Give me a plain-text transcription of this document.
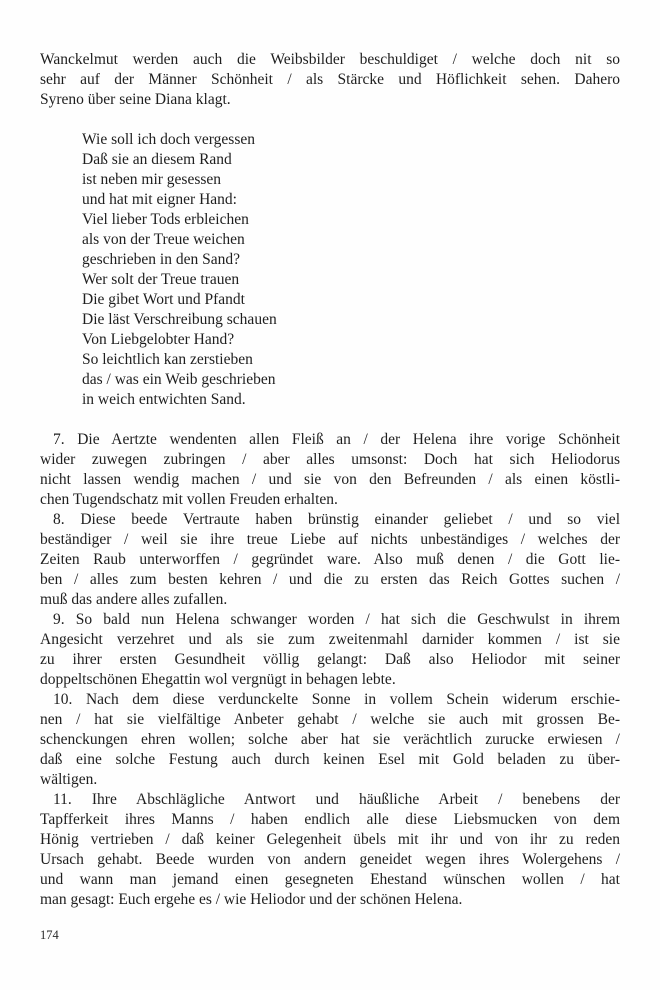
Wanckelmut werden auch die Weibsbilder beschuldiget / welche doch nit so
sehr auf der Männer Schönheit / als Stärcke und Höflichkeit sehen. Dahero
Syreno über seine Diana klagt.
Wie soll ich doch vergessen
Daß sie an diesem Rand
ist neben mir gesessen
und hat mit eigner Hand:
Viel lieber Tods erbleichen
als von der Treue weichen
geschrieben in den Sand?
Wer solt der Treue trauen
Die gibet Wort und Pfandt
Die läst Verschreibung schauen
Von Liebgelobter Hand?
So leichtlich kan zerstieben
das / was ein Weib geschrieben
in weich entwichten Sand.
7. Die Aertzte wendenten allen Fleiß an / der Helena ihre vorige Schönheit
wider zuwegen zubringen / aber alles umsonst: Doch hat sich Heliodorus
nicht lassen wendig machen / und sie von den Befreunden / als einen köstli-
chen Tugendschatz mit vollen Freuden erhalten.
8. Diese beede Vertraute haben brünstig einander geliebet / und so viel
beständiger / weil sie ihre treue Liebe auf nichts unbeständiges / welches der
Zeiten Raub unterworffen / gegründet ware. Also muß denen / die Gott lie-
ben / alles zum besten kehren / und die zu ersten das Reich Gottes suchen /
muß das andere alles zufallen.
9. So bald nun Helena schwanger worden / hat sich die Geschwulst in ihrem
Angesicht verzehret und als sie zum zweitenmahl darnider kommen / ist sie
zu ihrer ersten Gesundheit völlig gelangt: Daß also Heliodor mit seiner
doppeltschönen Ehegattin wol vergnügt in behagen lebte.
10. Nach dem diese verdunckelte Sonne in vollem Schein widerum erschie-
nen / hat sie vielfältige Anbeter gehabt / welche sie auch mit grossen Be-
schenckungen ehren wollen; solche aber hat sie verächtlich zurucke erwiesen /
daß eine solche Festung auch durch keinen Esel mit Gold beladen zu über-
wältigen.
11. Ihre Abschlägliche Antwort und häußliche Arbeit / benebens der
Tapfferkeit ihres Manns / haben endlich alle diese Liebsmucken von dem
Hönig vertrieben / daß keiner Gelegenheit übels mit ihr und von ihr zu reden
Ursach gehabt. Beede wurden von andern geneidet wegen ihres Wolergehens /
und wann man jemand einen gesegneten Ehestand wünschen wollen / hat
man gesagt: Euch ergehe es / wie Heliodor und der schönen Helena.
174
